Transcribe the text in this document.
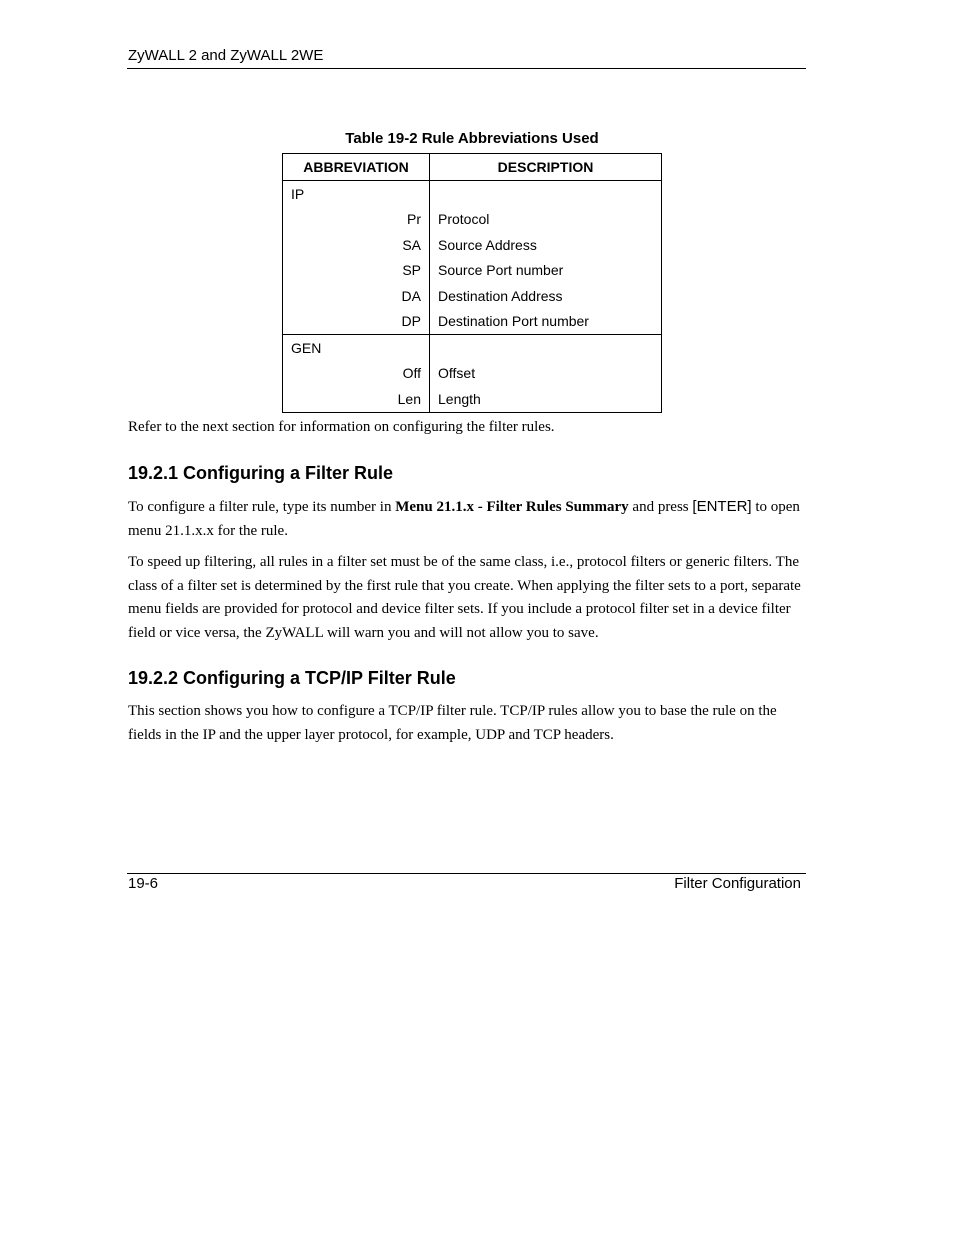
ZyWALL 2 and ZyWALL 2WE
Table 19-2 Rule Abbreviations Used
ABBREVIATION	DESCRIPTION
IP	
Pr	Protocol
SA	Source Address
SP	Source Port number
DA	Destination Address
DP	Destination Port number
GEN	
Off	Offset
Len	Length
Refer to the next section for information on configuring the filter rules.
19.2.1 Configuring a Filter Rule
To configure a filter rule, type its number in Menu 21.1.x - Filter Rules Summary and press [ENTER] to open menu 21.1.x.x for the rule.
To speed up filtering, all rules in a filter set must be of the same class, i.e., protocol filters or generic filters. The class of a filter set is determined by the first rule that you create. When applying the filter sets to a port, separate menu fields are provided for protocol and device filter sets. If you include a protocol filter set in a device filter field or vice versa, the ZyWALL will warn you and will not allow you to save.
19.2.2 Configuring a TCP/IP Filter Rule
This section shows you how to configure a TCP/IP filter rule. TCP/IP rules allow you to base the rule on the fields in the IP and the upper layer protocol, for example, UDP and TCP headers.
19-6	Filter Configuration
